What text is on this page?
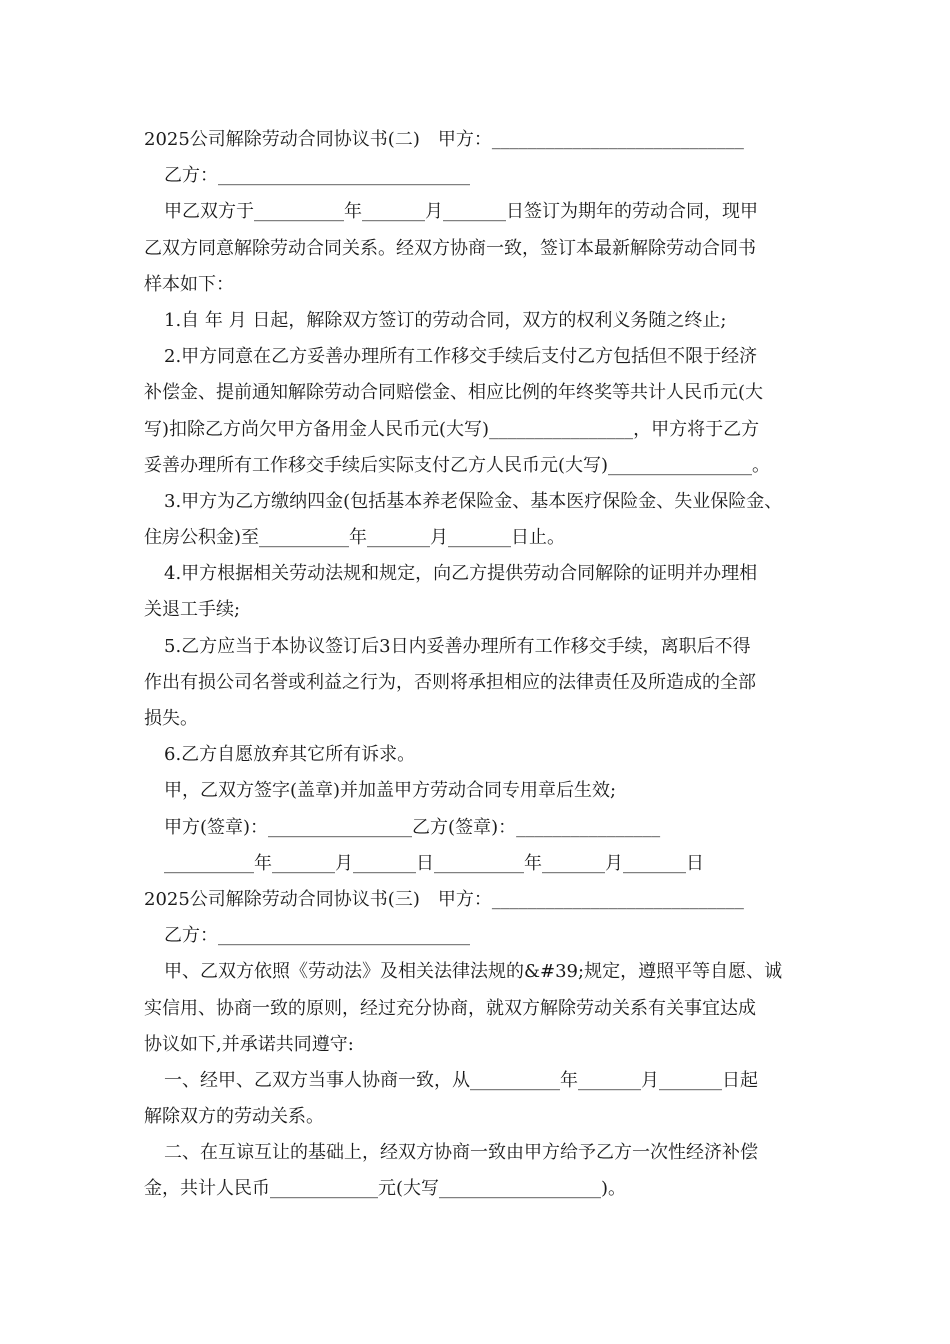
2025公司解除劳动合同协议书(二)　甲方：____________________________
乙方：____________________________
甲乙双方于__________年_______月_______日签订为期年的劳动合同，现甲
乙双方同意解除劳动合同关系。经双方协商一致，签订本最新解除劳动合同书
样本如下：
1.自 年 月 日起，解除双方签订的劳动合同，双方的权利义务随之终止;
2.甲方同意在乙方妥善办理所有工作移交手续后支付乙方包括但不限于经济
补偿金、提前通知解除劳动合同赔偿金、相应比例的年终奖等共计人民币元(大
写)扣除乙方尚欠甲方备用金人民币元(大写)________________，甲方将于乙方
妥善办理所有工作移交手续后实际支付乙方人民币元(大写)________________。
3.甲方为乙方缴纳四金(包括基本养老保险金、基本医疗保险金、失业保险金、
住房公积金)至__________年_______月_______日止。
4.甲方根据相关劳动法规和规定，向乙方提供劳动合同解除的证明并办理相
关退工手续;
5.乙方应当于本协议签订后3日内妥善办理所有工作移交手续，离职后不得
作出有损公司名誉或利益之行为，否则将承担相应的法律责任及所造成的全部
损失。
6.乙方自愿放弃其它所有诉求。
甲，乙双方签字(盖章)并加盖甲方劳动合同专用章后生效;
甲方(签章)：________________乙方(签章)：________________
__________年_______月_______日__________年_______月_______日
2025公司解除劳动合同协议书(三)　甲方：____________________________
乙方：____________________________
甲、乙双方依照《劳动法》及相关法律法规的&#39;规定，遵照平等自愿、诚
实信用、协商一致的原则，经过充分协商，就双方解除劳动关系有关事宜达成
协议如下,并承诺共同遵守:
一、经甲、乙双方当事人协商一致，从__________年_______月_______日起
解除双方的劳动关系。
二、在互谅互让的基础上，经双方协商一致由甲方给予乙方一次性经济补偿
金，共计人民币____________元(大写__________________)。
